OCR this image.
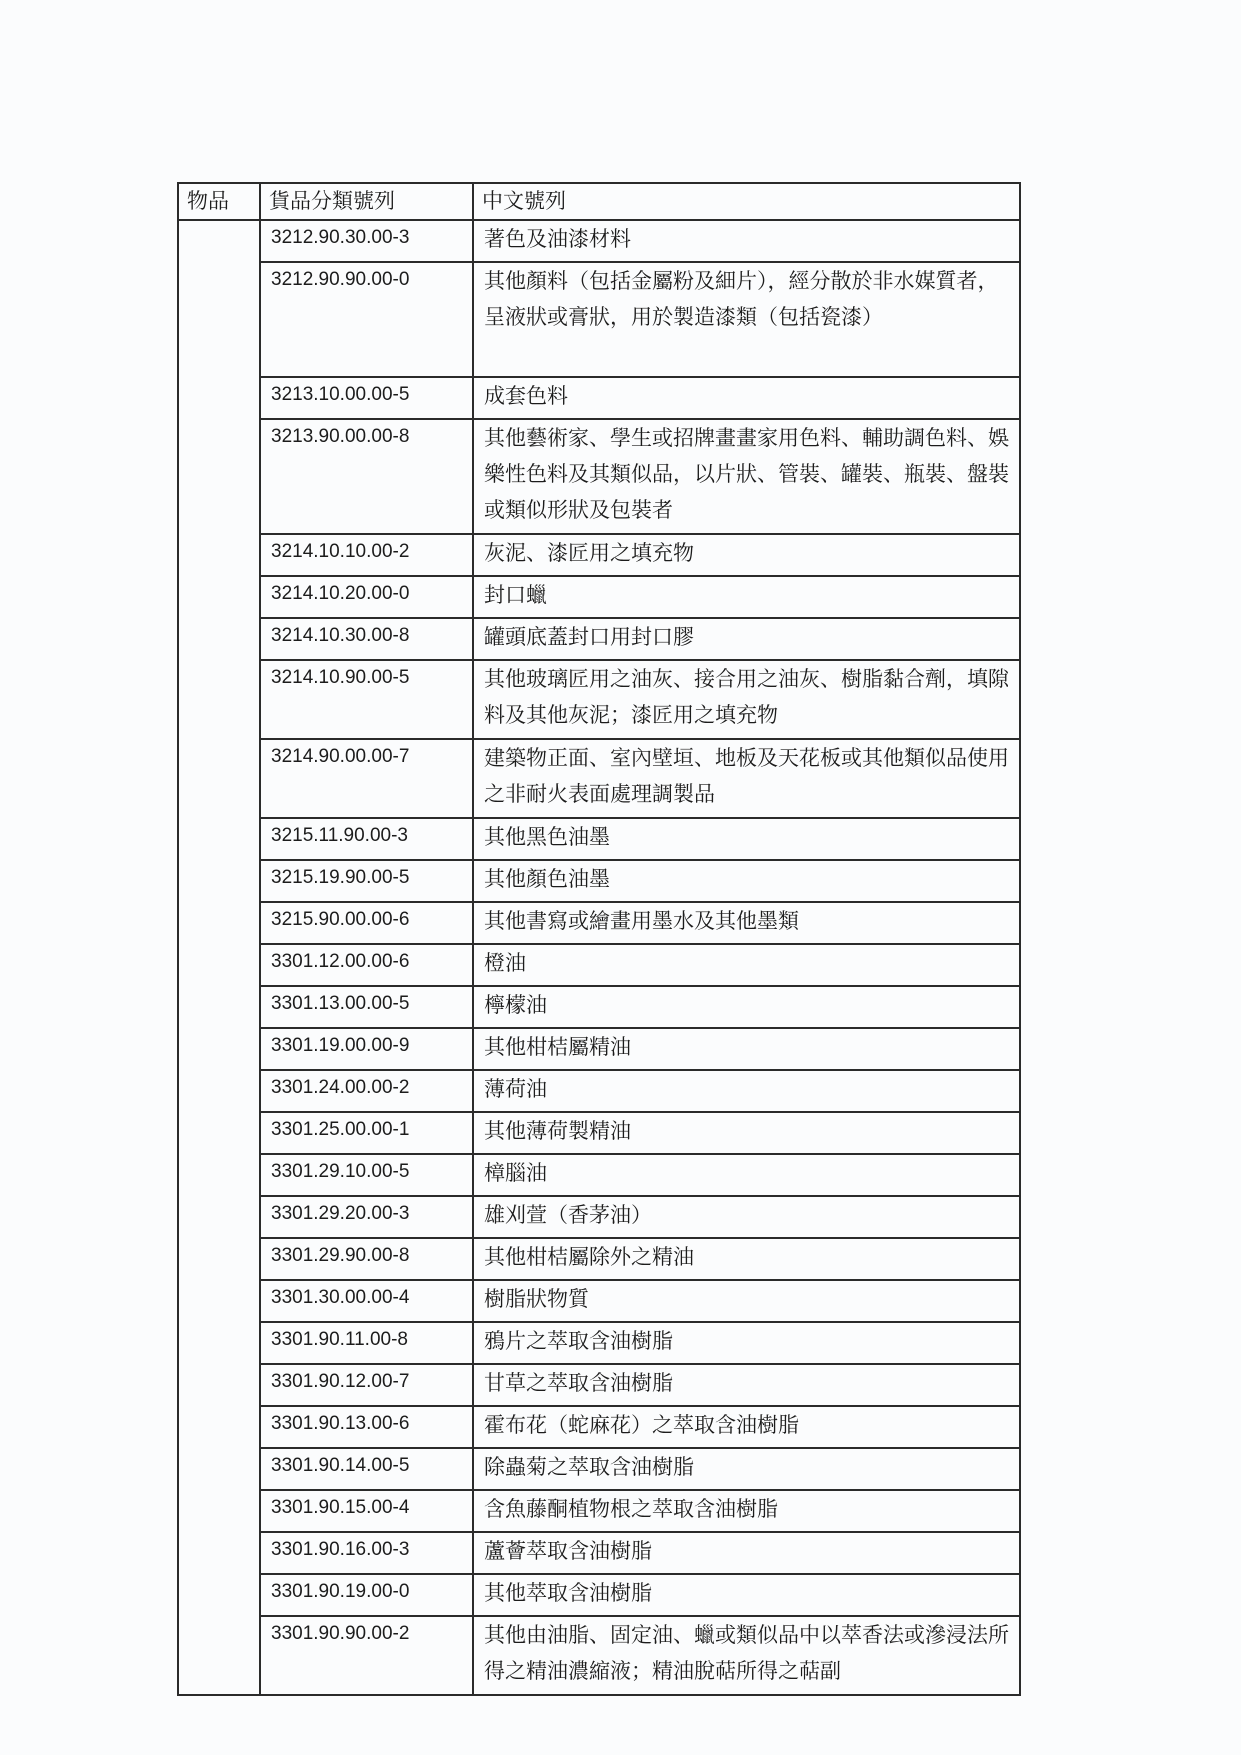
物品	貨品分類號列	中文號列
	3212.90.30.00-3	著色及油漆材料
	3212.90.90.00-0	其他顏料（包括金屬粉及細片），經分散於非水媒質者，呈液狀或膏狀，用於製造漆類（包括瓷漆）
	3213.10.00.00-5	成套色料
	3213.90.00.00-8	其他藝術家、學生或招牌畫畫家用色料、輔助調色料、娛樂性色料及其類似品，以片狀、管裝、罐裝、瓶裝、盤裝或類似形狀及包裝者
	3214.10.10.00-2	灰泥、漆匠用之填充物
	3214.10.20.00-0	封口蠟
	3214.10.30.00-8	罐頭底蓋封口用封口膠
	3214.10.90.00-5	其他玻璃匠用之油灰、接合用之油灰、樹脂黏合劑，填隙料及其他灰泥；漆匠用之填充物
	3214.90.00.00-7	建築物正面、室內壁垣、地板及天花板或其他類似品使用之非耐火表面處理調製品
	3215.11.90.00-3	其他黑色油墨
	3215.19.90.00-5	其他顏色油墨
	3215.90.00.00-6	其他書寫或繪畫用墨水及其他墨類
	3301.12.00.00-6	橙油
	3301.13.00.00-5	檸檬油
	3301.19.00.00-9	其他柑桔屬精油
	3301.24.00.00-2	薄荷油
	3301.25.00.00-1	其他薄荷製精油
	3301.29.10.00-5	樟腦油
	3301.29.20.00-3	雄刈萱（香茅油）
	3301.29.90.00-8	其他柑桔屬除外之精油
	3301.30.00.00-4	樹脂狀物質
	3301.90.11.00-8	鴉片之萃取含油樹脂
	3301.90.12.00-7	甘草之萃取含油樹脂
	3301.90.13.00-6	霍布花（蛇麻花）之萃取含油樹脂
	3301.90.14.00-5	除蟲菊之萃取含油樹脂
	3301.90.15.00-4	含魚藤酮植物根之萃取含油樹脂
	3301.90.16.00-3	蘆薈萃取含油樹脂
	3301.90.19.00-0	其他萃取含油樹脂
	3301.90.90.00-2	其他由油脂、固定油、蠟或類似品中以萃香法或滲浸法所得之精油濃縮液；精油脫萜所得之萜副
